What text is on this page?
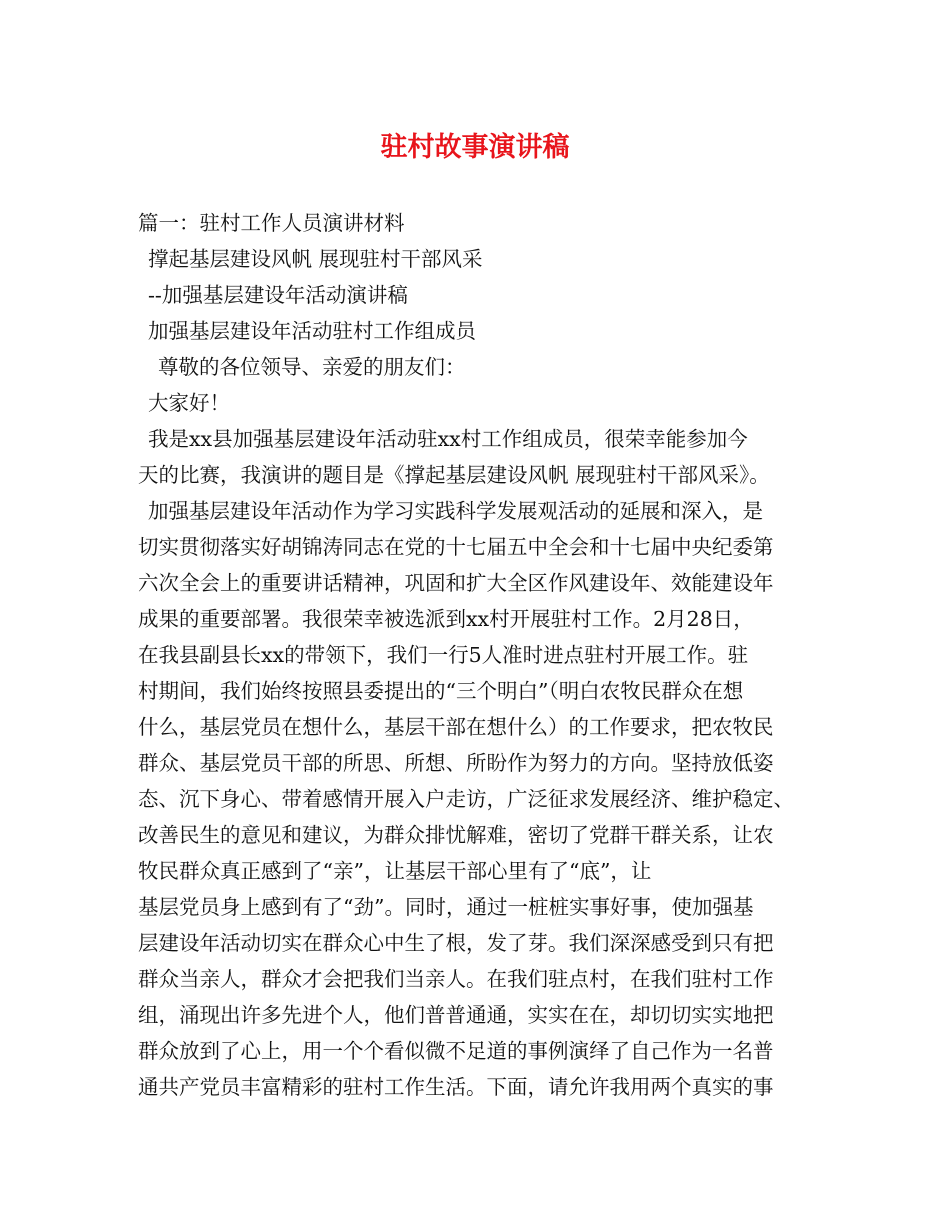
驻村故事演讲稿

篇一：驻村工作人员演讲材料

撑起基层建设风帆 展现驻村干部风采

--加强基层建设年活动演讲稿

加强基层建设年活动驻村工作组成员

尊敬的各位领导、亲爱的朋友们：

大家好！

我是xx县加强基层建设年活动驻xx村工作组成员，很荣幸能参加今

天的比赛，我演讲的题目是《撑起基层建设风帆 展现驻村干部风采》。

加强基层建设年活动作为学习实践科学发展观活动的延展和深入，是

切实贯彻落实好胡锦涛同志在党的十七届五中全会和十七届中央纪委第

六次全会上的重要讲话精神，巩固和扩大全区作风建设年、效能建设年

成果的重要部署。我很荣幸被选派到xx村开展驻村工作。2月28日，

在我县副县长xx的带领下，我们一行5人准时进点驻村开展工作。驻

村期间，我们始终按照县委提出的“三个明白”（明白农牧民群众在想

什么，基层党员在想什么，基层干部在想什么）的工作要求，把农牧民

群众、基层党员干部的所思、所想、所盼作为努力的方向。坚持放低姿

态、沉下身心、带着感情开展入户走访，广泛征求发展经济、维护稳定、

改善民生的意见和建议，为群众排忧解难，密切了党群干群关系，让农

牧民群众真正感到了“亲”，让基层干部心里有了“底”，让

基层党员身上感到有了“劲”。同时，通过一桩桩实事好事，使加强基

层建设年活动切实在群众心中生了根，发了芽。我们深深感受到只有把

群众当亲人，群众才会把我们当亲人。在我们驻点村，在我们驻村工作

组，涌现出许多先进个人，他们普普通通，实实在在，却切切实实地把

群众放到了心上，用一个个看似微不足道的事例演绎了自己作为一名普

通共产党员丰富精彩的驻村工作生活。下面，请允许我用两个真实的事
